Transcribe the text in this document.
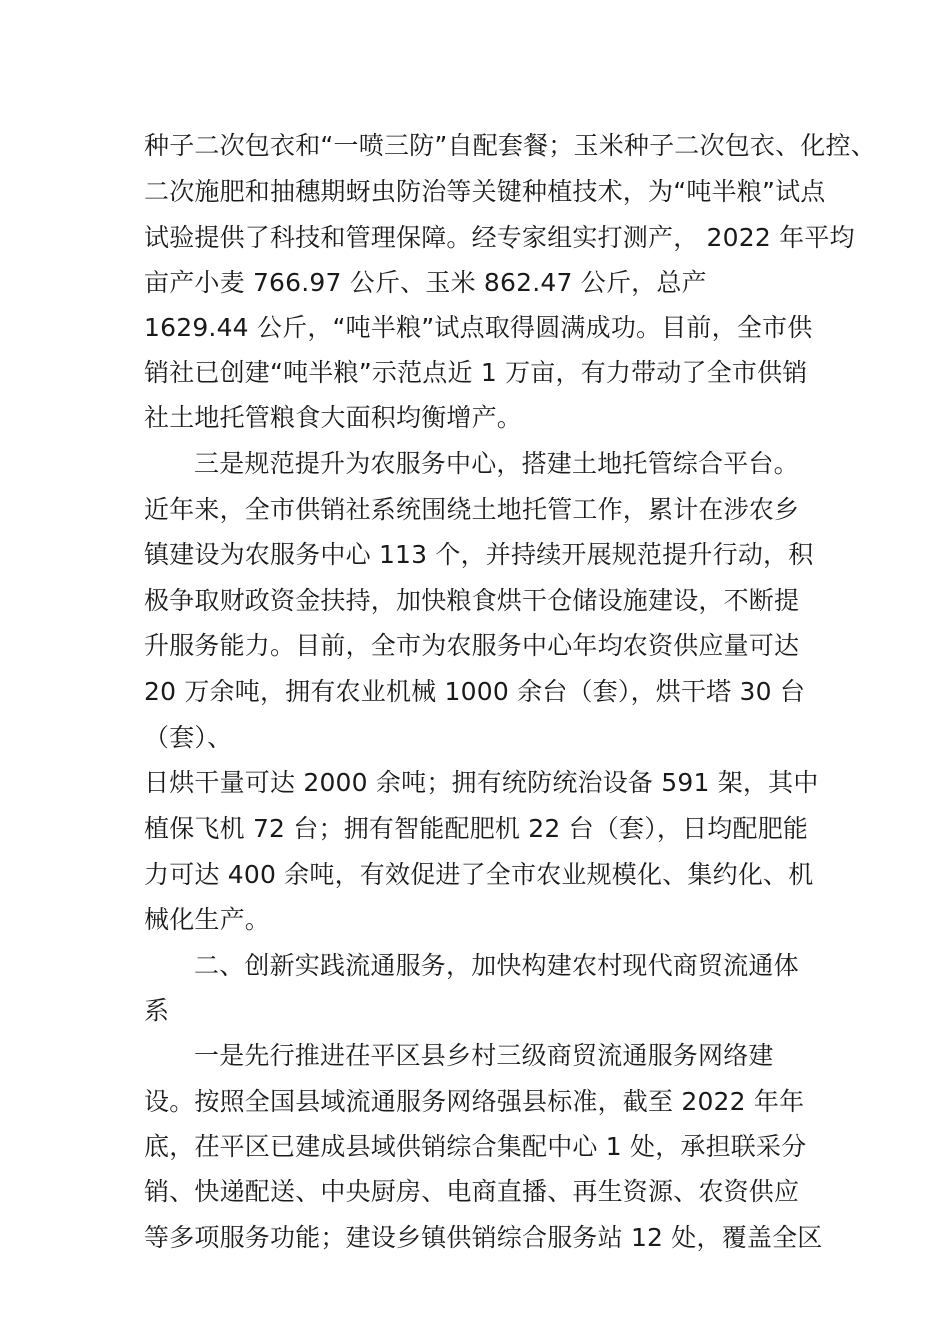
种子二次包衣和“一喷三防”自配套餐；玉米种子二次包衣、化控、
二次施肥和抽穗期蚜虫防治等关键种植技术，为“吨半粮”试点
试验提供了科技和管理保障。经专家组实打测产， 2022 年平均
亩产小麦 766.97 公斤、玉米 862.47 公斤，总产
1629.44 公斤，“吨半粮”试点取得圆满成功。目前，全市供
销社已创建“吨半粮”示范点近 1 万亩，有力带动了全市供销
社土地托管粮食大面积均衡增产。
三是规范提升为农服务中心，搭建土地托管综合平台。
近年来，全市供销社系统围绕土地托管工作，累计在涉农乡
镇建设为农服务中心 113 个，并持续开展规范提升行动，积
极争取财政资金扶持，加快粮食烘干仓储设施建设，不断提
升服务能力。目前，全市为农服务中心年均农资供应量可达
20 万余吨，拥有农业机械 1000 余台（套），烘干塔 30 台
（套）、
日烘干量可达 2000 余吨；拥有统防统治设备 591 架，其中
植保飞机 72 台；拥有智能配肥机 22 台（套），日均配肥能
力可达 400 余吨，有效促进了全市农业规模化、集约化、机
械化生产。
二、创新实践流通服务，加快构建农村现代商贸流通体
系
一是先行推进茌平区县乡村三级商贸流通服务网络建
设。按照全国县域流通服务网络强县标准，截至 2022 年年
底，茌平区已建成县域供销综合集配中心 1 处，承担联采分
销、快递配送、中央厨房、电商直播、再生资源、农资供应
等多项服务功能；建设乡镇供销综合服务站 12 处，覆盖全区
